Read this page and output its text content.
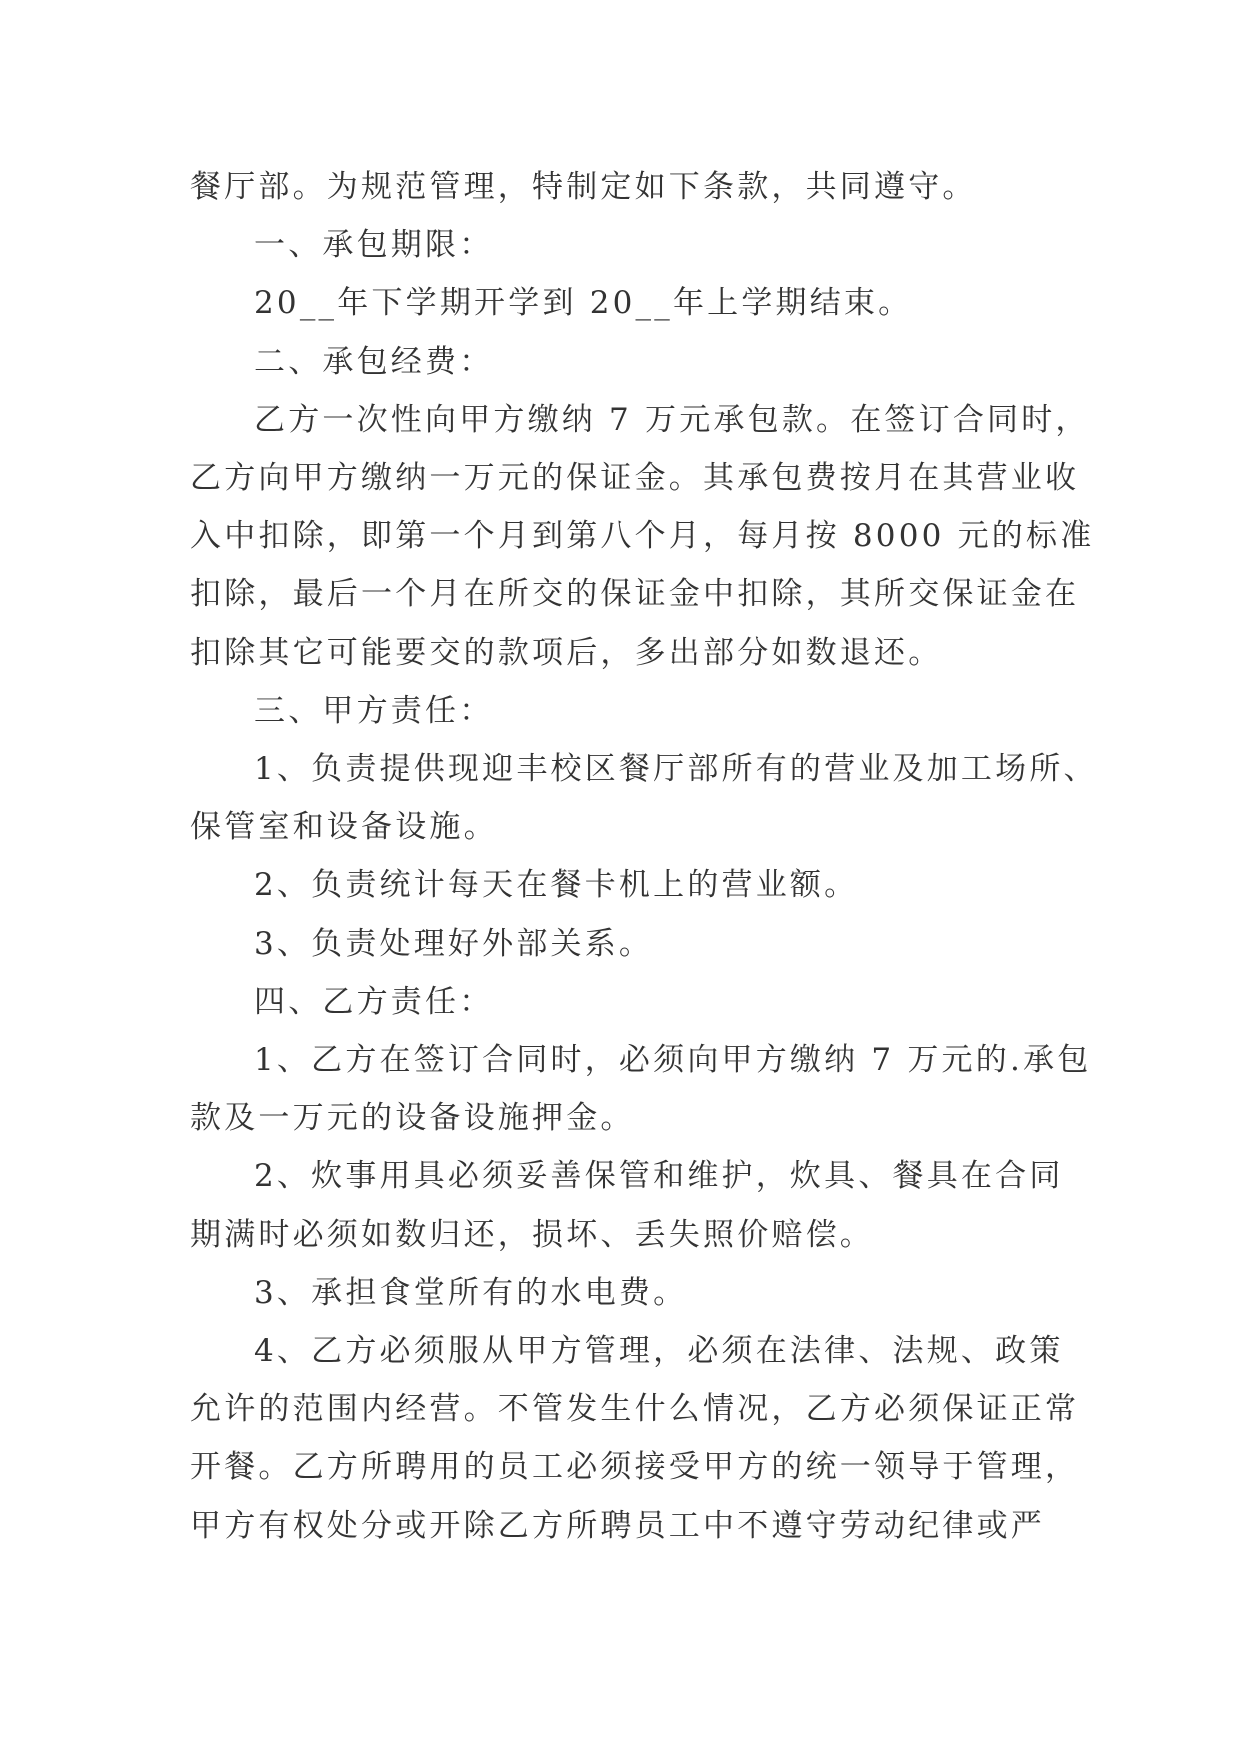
餐厅部。为规范管理，特制定如下条款，共同遵守。

一、承包期限：

20__年下学期开学到 20__年上学期结束。

二、承包经费：

乙方一次性向甲方缴纳 7 万元承包款。在签订合同时，

乙方向甲方缴纳一万元的保证金。其承包费按月在其营业收

入中扣除，即第一个月到第八个月，每月按 8000 元的标准

扣除，最后一个月在所交的保证金中扣除，其所交保证金在

扣除其它可能要交的款项后，多出部分如数退还。

三、甲方责任：

1、负责提供现迎丰校区餐厅部所有的营业及加工场所、

保管室和设备设施。

2、负责统计每天在餐卡机上的营业额。

3、负责处理好外部关系。

四、乙方责任：

1、乙方在签订合同时，必须向甲方缴纳 7 万元的.承包

款及一万元的设备设施押金。

2、炊事用具必须妥善保管和维护，炊具、餐具在合同

期满时必须如数归还，损坏、丢失照价赔偿。

3、承担食堂所有的水电费。

4、乙方必须服从甲方管理，必须在法律、法规、政策

允许的范围内经营。不管发生什么情况，乙方必须保证正常

开餐。乙方所聘用的员工必须接受甲方的统一领导于管理，

甲方有权处分或开除乙方所聘员工中不遵守劳动纪律或严
